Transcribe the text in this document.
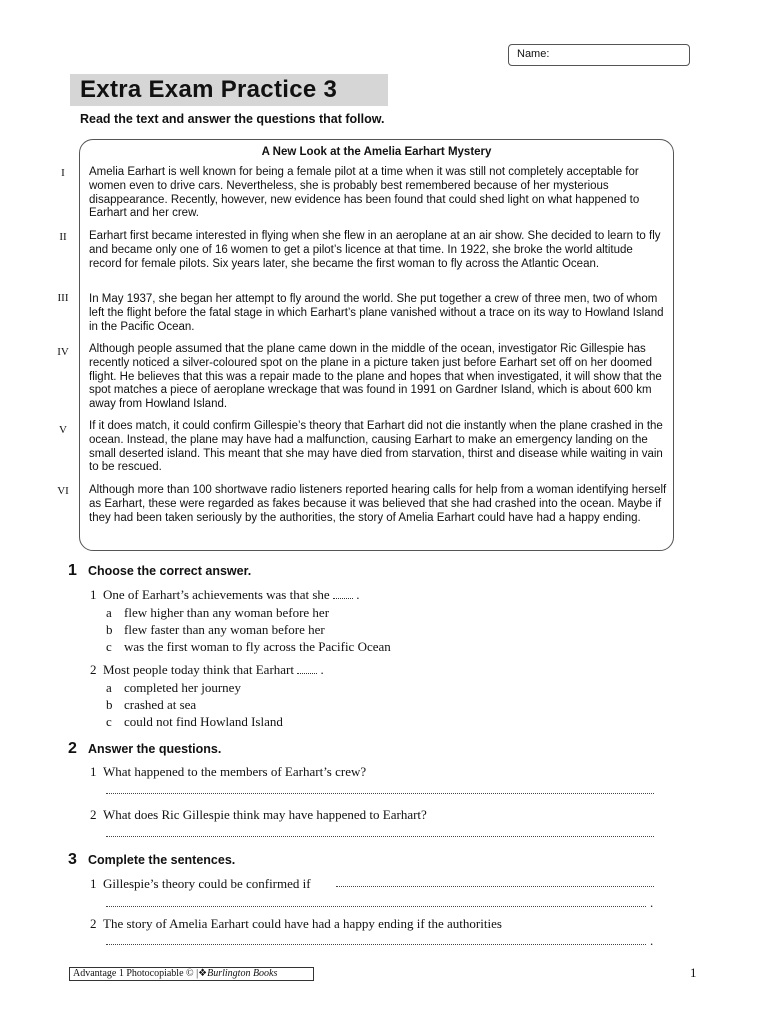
Name:
Extra Exam Practice 3
Read the text and answer the questions that follow.
A New Look at the Amelia Earhart Mystery
I	Amelia Earhart is well known for being a female pilot at a time when it was still not completely acceptable for women even to drive cars. Nevertheless, she is probably best remembered because of her mysterious disappearance. Recently, however, new evidence has been found that could shed light on what happened to Earhart and her crew.
II	Earhart first became interested in flying when she flew in an aeroplane at an air show. She decided to learn to fly and became only one of 16 women to get a pilot’s licence at that time. In 1922, she broke the world altitude record for female pilots. Six years later, she became the first woman to fly across the Atlantic Ocean.
III	In May 1937, she began her attempt to fly around the world. She put together a crew of three men, two of whom left the flight before the fatal stage in which Earhart’s plane vanished without a trace on its way to Howland Island in the Pacific Ocean.
IV	Although people assumed that the plane came down in the middle of the ocean, investigator Ric Gillespie has recently noticed a silver-coloured spot on the plane in a picture taken just before Earhart set off on her doomed flight. He believes that this was a repair made to the plane and hopes that when investigated, it will show that the spot matches a piece of aeroplane wreckage that was found in 1991 on Gardner Island, which is about 600 km away from Howland Island.
V	If it does match, it could confirm Gillespie’s theory that Earhart did not die instantly when the plane crashed in the ocean. Instead, the plane may have had a malfunction, causing Earhart to make an emergency landing on the small deserted island. This meant that she may have died from starvation, thirst and disease while waiting in vain to be rescued.
VI	Although more than 100 shortwave radio listeners reported hearing calls for help from a woman identifying herself as Earhart, these were regarded as fakes because it was believed that she had crashed into the ocean. Maybe if they had been taken seriously by the authorities, the story of Amelia Earhart could have had a happy ending.
1 Choose the correct answer.
1 One of Earhart’s achievements was that she .
a flew higher than any woman before her
b flew faster than any woman before her
c was the first woman to fly across the Pacific Ocean
2 Most people today think that Earhart .
a completed her journey
b crashed at sea
c could not find Howland Island
2 Answer the questions.
1 What happened to the members of Earhart’s crew?
2 What does Ric Gillespie think may have happened to Earhart?
3 Complete the sentences.
1 Gillespie’s theory could be confirmed if
.
2 The story of Amelia Earhart could have had a happy ending if the authorities
.
Advantage 1 Photocopiable © |❖Burlington Books	1
